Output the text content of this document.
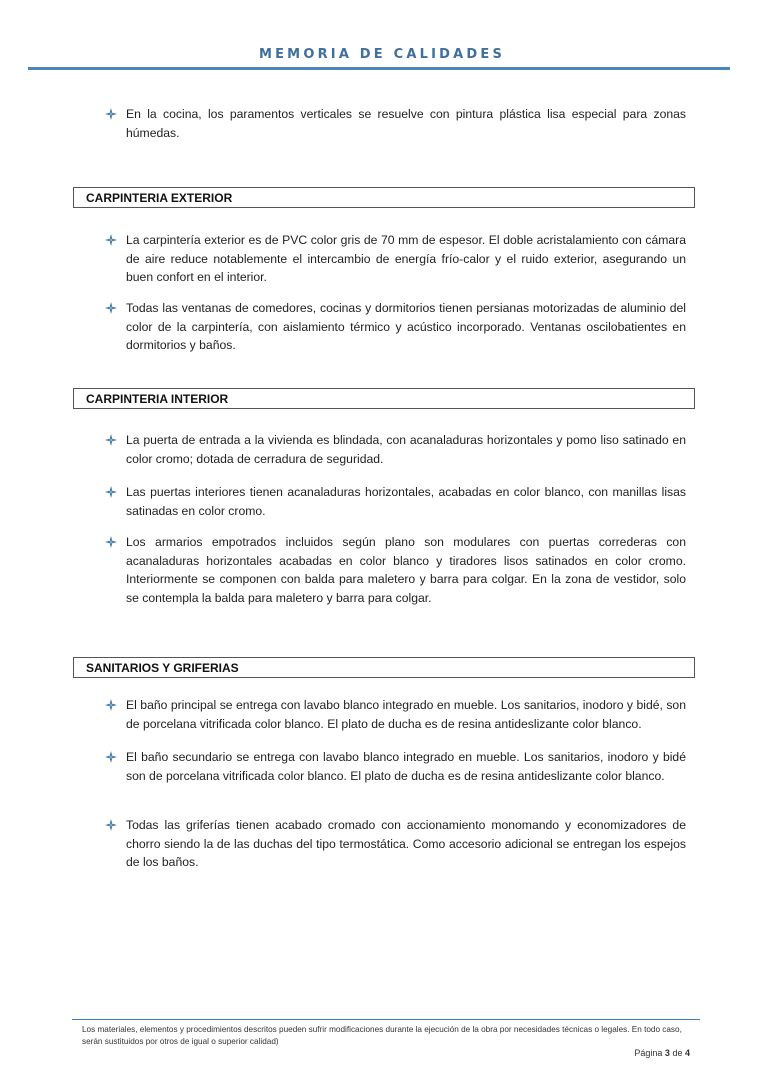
MEMORIA DE CALIDADES
En la cocina, los paramentos verticales se resuelve con pintura plástica lisa especial para zonas húmedas.
CARPINTERIA EXTERIOR
La carpintería exterior es de PVC color gris de 70 mm de espesor. El doble acristalamiento con cámara de aire reduce notablemente el intercambio de energía frío-calor y el ruido exterior, asegurando un buen confort en el interior.
Todas las ventanas de comedores, cocinas y dormitorios tienen persianas motorizadas de aluminio del color de la carpintería, con aislamiento térmico y acústico incorporado. Ventanas oscilobatientes en dormitorios y baños.
CARPINTERIA INTERIOR
La puerta de entrada a la vivienda es blindada, con acanaladuras horizontales y pomo liso satinado en color cromo; dotada de cerradura de seguridad.
Las puertas interiores tienen acanaladuras horizontales, acabadas en color blanco, con manillas lisas satinadas en color cromo.
Los armarios empotrados incluidos según plano son modulares con puertas correderas con acanaladuras horizontales acabadas en color blanco y tiradores lisos satinados en color cromo. Interiormente se componen con balda para maletero y barra para colgar. En la zona de vestidor, solo se contempla la balda para maletero y barra para colgar.
SANITARIOS Y GRIFERIAS
El baño principal se entrega con lavabo blanco integrado en mueble. Los sanitarios, inodoro y bidé, son de porcelana vitrificada color blanco. El plato de ducha es de resina antideslizante color blanco.
El baño secundario se entrega con lavabo blanco integrado en mueble. Los sanitarios, inodoro y bidé son de porcelana vitrificada color blanco. El plato de ducha es de resina antideslizante color blanco.
Todas las griferías tienen acabado cromado con accionamiento monomando y economizadores de chorro siendo la de las duchas del tipo termostática. Como accesorio adicional se entregan los espejos de los baños.
Los materiales, elementos y procedimientos descritos pueden sufrir modificaciones durante la ejecución de la obra por necesidades técnicas o legales. En todo caso, serán sustituidos por otros de igual o superior calidad)
Página 3 de 4
